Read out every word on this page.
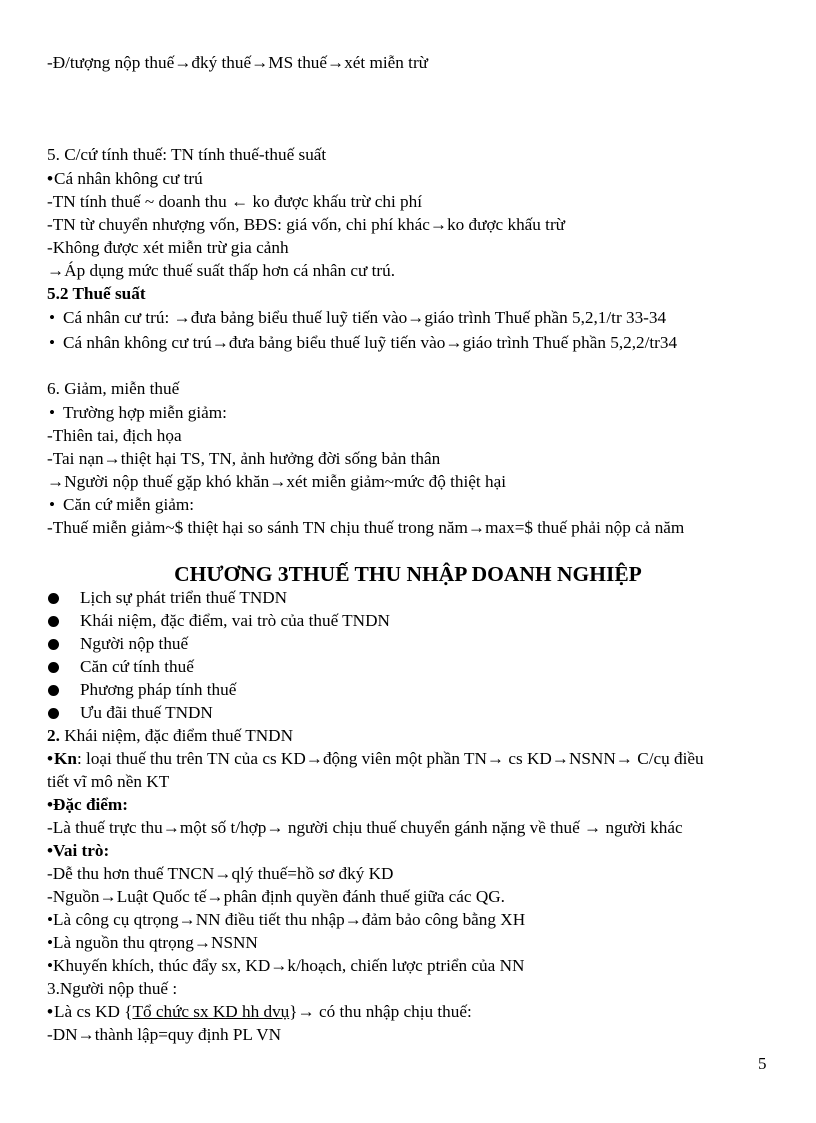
-Đ/tượng nộp thuế→đký thuế→MS thuế→xét miễn trừ
5. C/cứ tính thuế: TN tính thuế-thuế suất
•Cá nhân không cư trú
-TN tính thuế ~ doanh thu ← ko được khấu trừ chi phí
-TN từ chuyển nhượng vốn, BĐS: giá vốn, chi phí khác→ko được khấu trừ
-Không được xét miễn trừ gia cảnh
→Áp dụng mức thuế suất thấp hơn cá nhân cư trú.
5.2 Thuế suất
• Cá nhân cư trú: →đưa bảng biểu thuế luỹ tiến vào→giáo trình Thuế phần 5,2,1/tr 33-34
• Cá nhân không cư trú→đưa bảng biểu thuế luỹ tiến vào→giáo trình Thuế phần 5,2,2/tr34
6. Giảm, miễn thuế
• Trường hợp miễn giảm:
-Thiên tai, địch họa
-Tai nạn→thiệt hại TS, TN, ảnh hưởng đời sống bản thân
→Người nộp thuế gặp khó khăn→xét miễn giảm~mức độ thiệt hại
• Căn cứ miễn giảm:
-Thuế miễn giảm~$ thiệt hại so sánh TN chịu thuế trong năm→max=$ thuế phải nộp cả năm
CHƯƠNG 3THUẾ THU NHẬP DOANH NGHIỆP
Lịch sự phát triển thuế TNDN
Khái niệm, đặc điểm, vai trò của thuế TNDN
Người nộp thuế
Căn cứ tính thuế
Phương pháp tính thuế
Ưu đãi thuế TNDN
2. Khái niệm, đặc điểm thuế TNDN
•Kn: loại thuế thu trên TN của cs KD→động viên một phần TN→ cs KD→NSNN→ C/cụ điều
tiết vĩ mô nền KT
•Đặc điểm:
-Là thuế trực thu→một số t/hợp→ người chịu thuế chuyển gánh nặng về thuế → người khác
•Vai trò:
-Dễ thu hơn thuế TNCN→qlý thuế=hồ sơ đký KD
-Nguồn→Luật Quốc tế→phân định quyền đánh thuế giữa các QG.
•Là công cụ qtrọng→NN điều tiết thu nhập→đảm bảo công bằng XH
•Là nguồn thu qtrọng→NSNN
•Khuyến khích, thúc đẩy sx, KD→k/hoạch, chiến lược ptriển của NN
3.Người nộp thuế :
•Là cs KD {Tổ chức sx KD hh dvụ}→ có thu nhập chịu thuế:
-DN→thành lập=quy định PL VN
5
